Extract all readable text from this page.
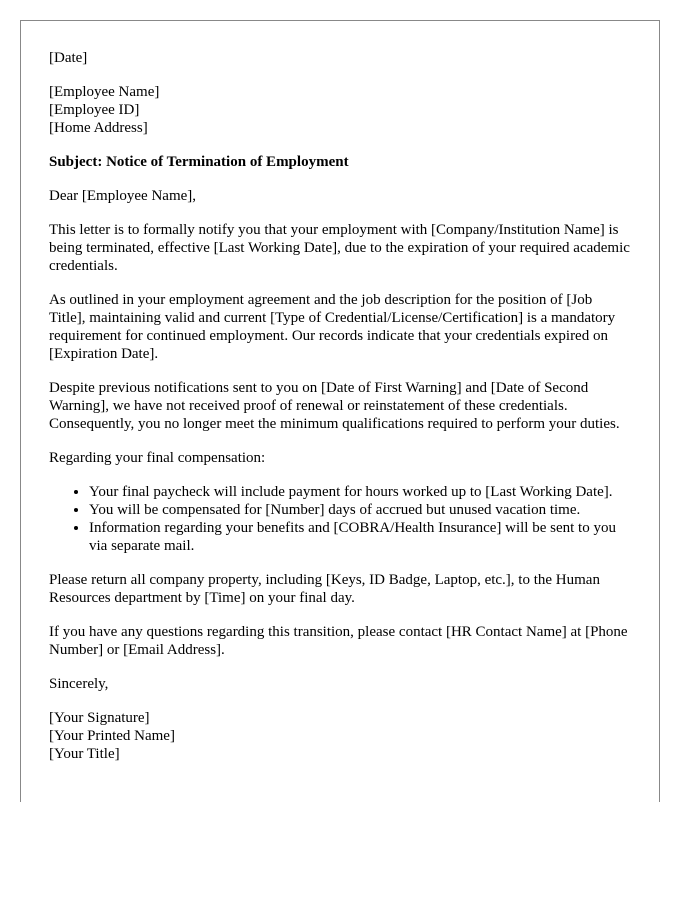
[Date]

[Employee Name]
[Employee ID]
[Home Address]

Subject: Notice of Termination of Employment

Dear [Employee Name],

This letter is to formally notify you that your employment with [Company/Institution Name] is being terminated, effective [Last Working Date], due to the expiration of your required academic credentials.

As outlined in your employment agreement and the job description for the position of [Job Title], maintaining valid and current [Type of Credential/License/Certification] is a mandatory requirement for continued employment. Our records indicate that your credentials expired on [Expiration Date].

Despite previous notifications sent to you on [Date of First Warning] and [Date of Second Warning], we have not received proof of renewal or reinstatement of these credentials. Consequently, you no longer meet the minimum qualifications required to perform your duties.

Regarding your final compensation:

• Your final paycheck will include payment for hours worked up to [Last Working Date].
• You will be compensated for [Number] days of accrued but unused vacation time.
• Information regarding your benefits and [COBRA/Health Insurance] will be sent to you via separate mail.

Please return all company property, including [Keys, ID Badge, Laptop, etc.], to the Human Resources department by [Time] on your final day.

If you have any questions regarding this transition, please contact [HR Contact Name] at [Phone Number] or [Email Address].

Sincerely,

[Your Signature]
[Your Printed Name]
[Your Title]
